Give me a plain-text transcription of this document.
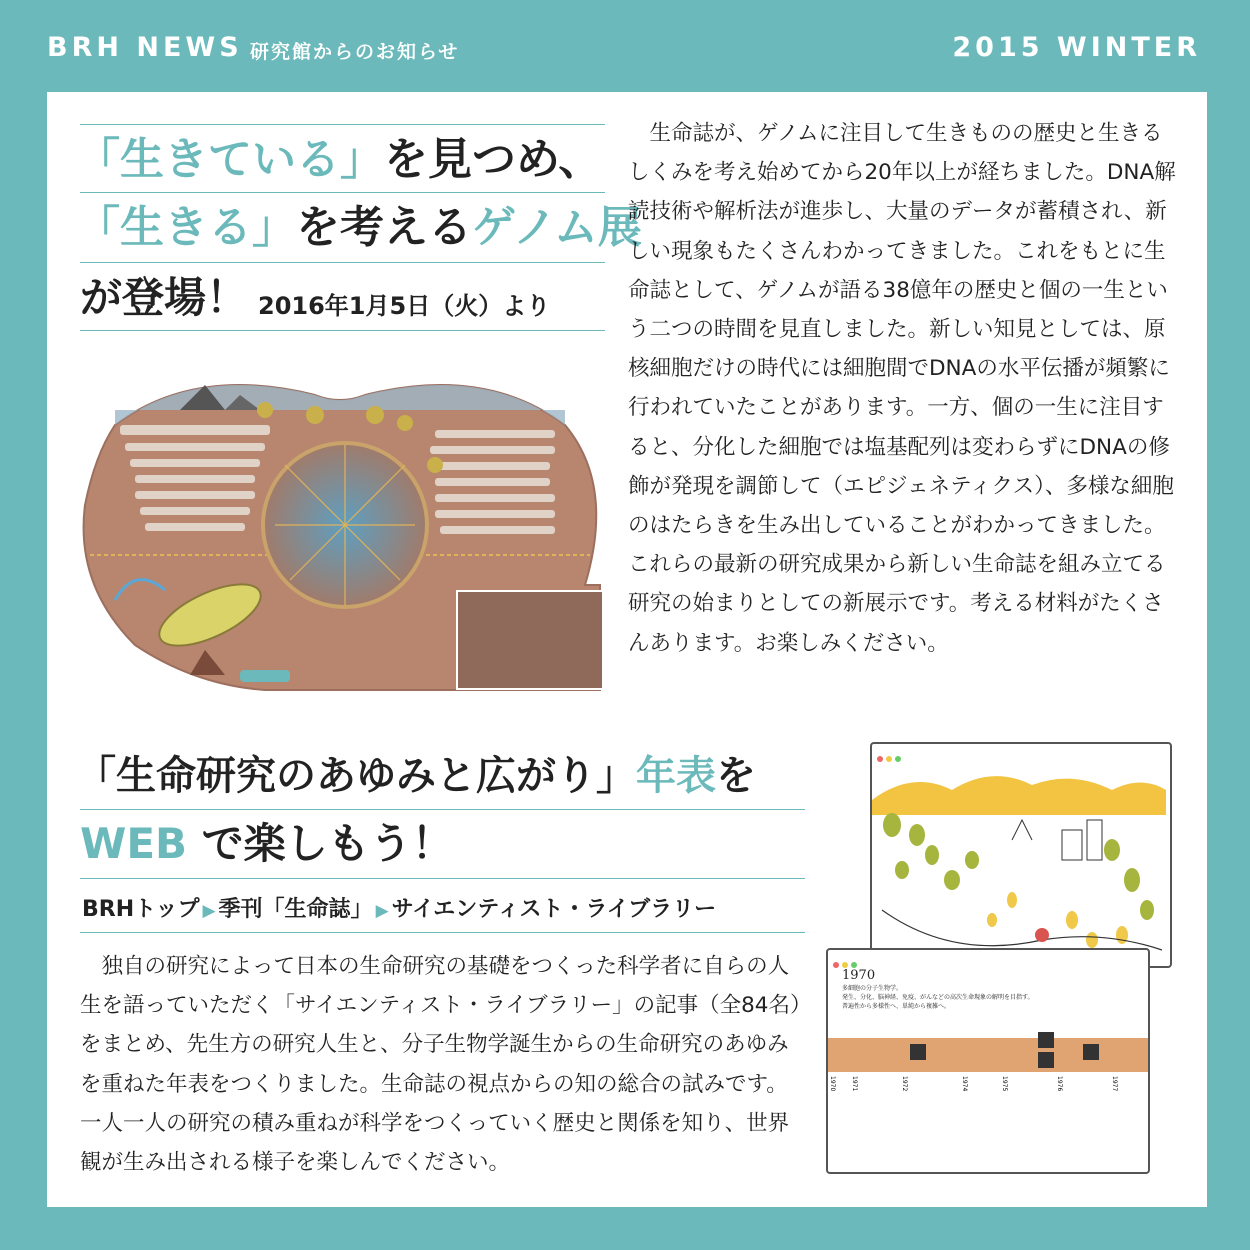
BRH NEWS 研究館からのお知らせ	2015 WINTER
「生きている」を見つめ、
「生きる」を考えるゲノム展
が登場！ 2016年1月5日（火）より
生命誌が、ゲノムに注目して生きものの歴史と生きるしくみを考え始めてから20年以上が経ちました。DNA解読技術や解析法が進歩し、大量のデータが蓄積され、新しい現象もたくさんわかってきました。これをもとに生命誌として、ゲノムが語る38億年の歴史と個の一生という二つの時間を見直しました。新しい知見としては、原核細胞だけの時代には細胞間でDNAの水平伝播が頻繁に行われていたことがあります。一方、個の一生に注目すると、分化した細胞では塩基配列は変わらずにDNAの修飾が発現を調節して（エピジェネティクス）、多様な細胞のはたらきを生み出していることがわかってきました。これらの最新の研究成果から新しい生命誌を組み立てる研究の始まりとしての新展示です。考える材料がたくさんあります。お楽しみください。
「生命研究のあゆみと広がり」年表を
WEB で楽しもう！
BRHトップ ▶ 季刊「生命誌」 ▶ サイエンティスト・ライブラリー
独自の研究によって日本の生命研究の基礎をつくった科学者に自らの人生を語っていただく「サイエンティスト・ライブラリー」の記事（全84名）をまとめ、先生方の研究人生と、分子生物学誕生からの生命研究のあゆみを重ねた年表をつくりました。生命誌の視点からの知の総合の試みです。一人一人の研究の積み重ねが科学をつくっていく歴史と関係を知り、世界観が生み出される様子を楽しんでください。
1970
多細胞の分子生物学。
発生、分化、脳神経、免疫、がんなどの高次生命現象の解明を目指す。
普遍性から多様性へ、単純から複雑へ。
1970	1971	1972	1974	1975	1976	1977
